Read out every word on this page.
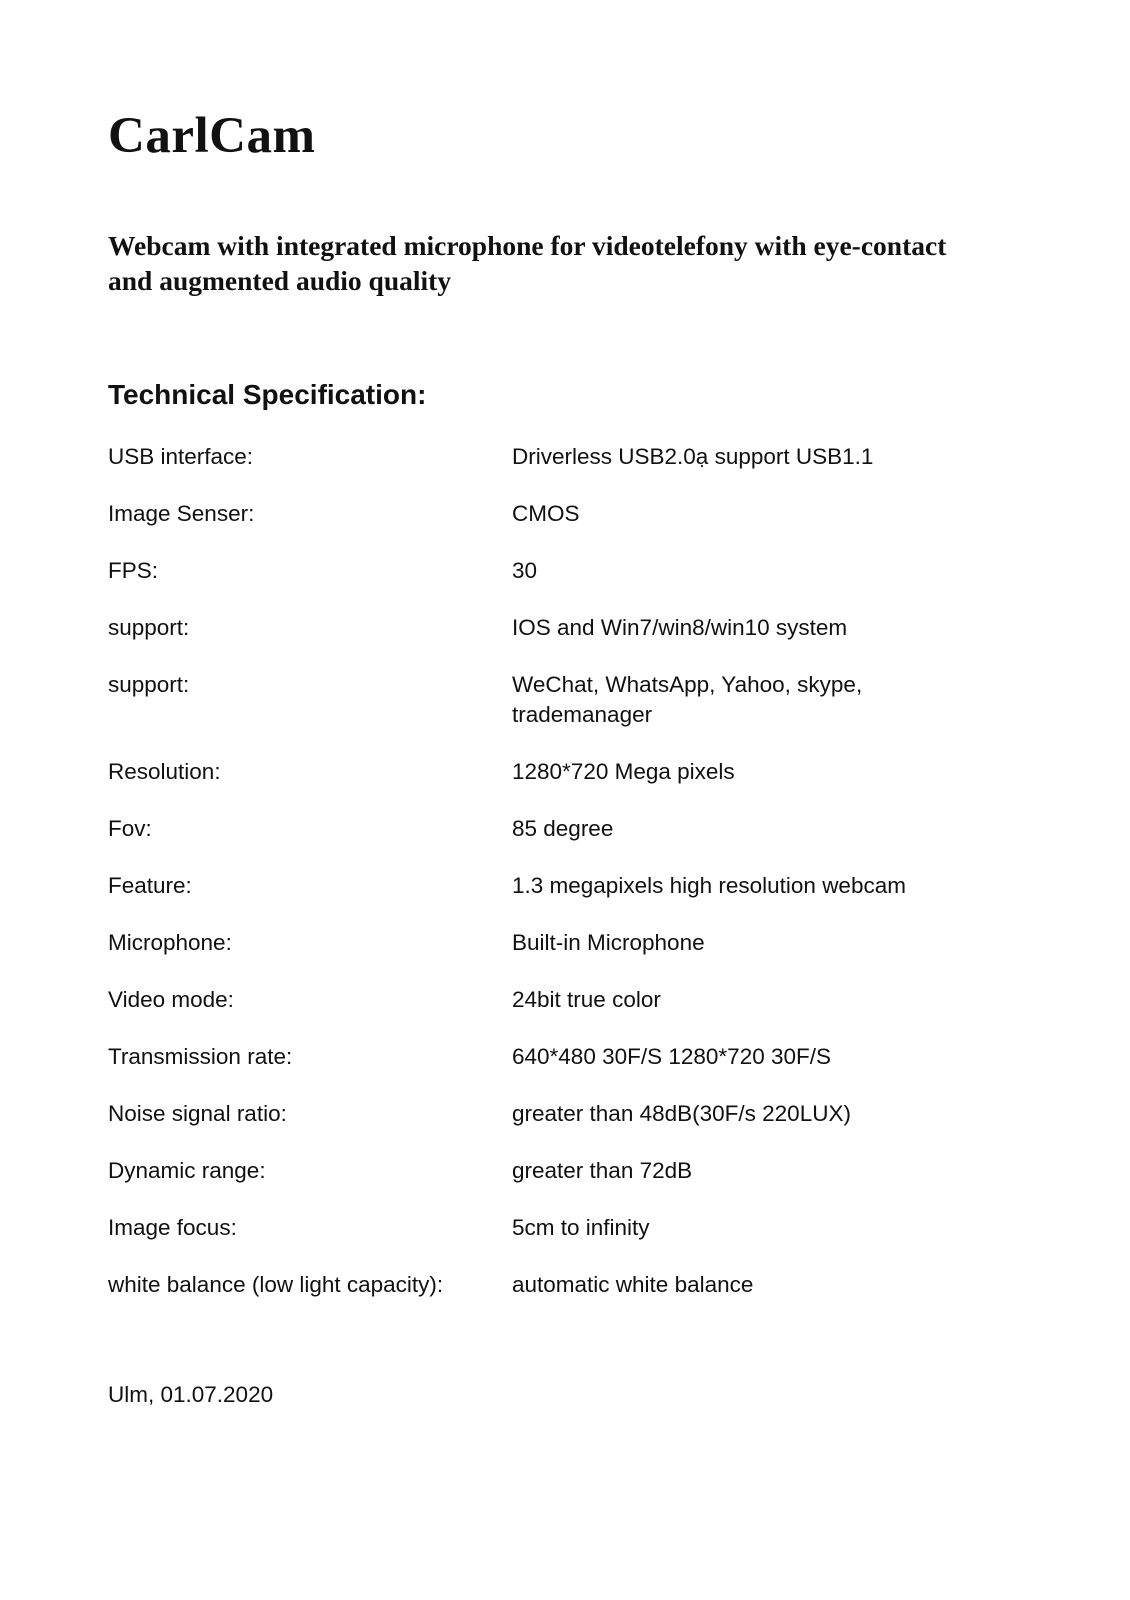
CarlCam
Webcam with integrated microphone for videotelefony with eye-contact and augmented audio quality
Technical Specification:
USB interface:	Driverless USB2.0ạ support USB1.1
Image Senser:	CMOS
FPS:	30
support:	IOS and Win7/win8/win10 system
support:	WeChat, WhatsApp, Yahoo, skype, trademanager
Resolution:	1280*720 Mega pixels
Fov:	85 degree
Feature:	1.3 megapixels high resolution webcam
Microphone:	Built-in Microphone
Video mode:	24bit true color
Transmission rate:	640*480 30F/S 1280*720 30F/S
Noise signal ratio:	greater than 48dB(30F/s 220LUX)
Dynamic range:	greater than 72dB
Image focus:	5cm to infinity
white balance (low light capacity):	automatic white balance

Ulm, 01.07.2020
